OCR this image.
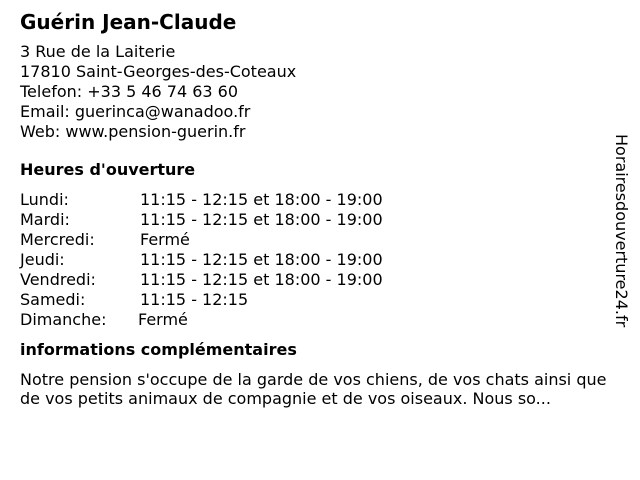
Guérin Jean-Claude
3 Rue de la Laiterie
17810 Saint-Georges-des-Coteaux
Telefon: +33 5 46 74 63 60
Email: guerinca@wanadoo.fr
Web: www.pension-guerin.fr
Heures d'ouverture
Lundi:	11:15 - 12:15 et 18:00 - 19:00
Mardi:	11:15 - 12:15 et 18:00 - 19:00
Mercredi:	Fermé
Jeudi:	11:15 - 12:15 et 18:00 - 19:00
Vendredi:	11:15 - 12:15 et 18:00 - 19:00
Samedi:	11:15 - 12:15
Dimanche:	Fermé
informations complémentaires
Notre pension s'occupe de la garde de vos chiens, de vos chats ainsi que de vos petits animaux de compagnie et de vos oiseaux. Nous so...
Horairesdouverture24.fr
